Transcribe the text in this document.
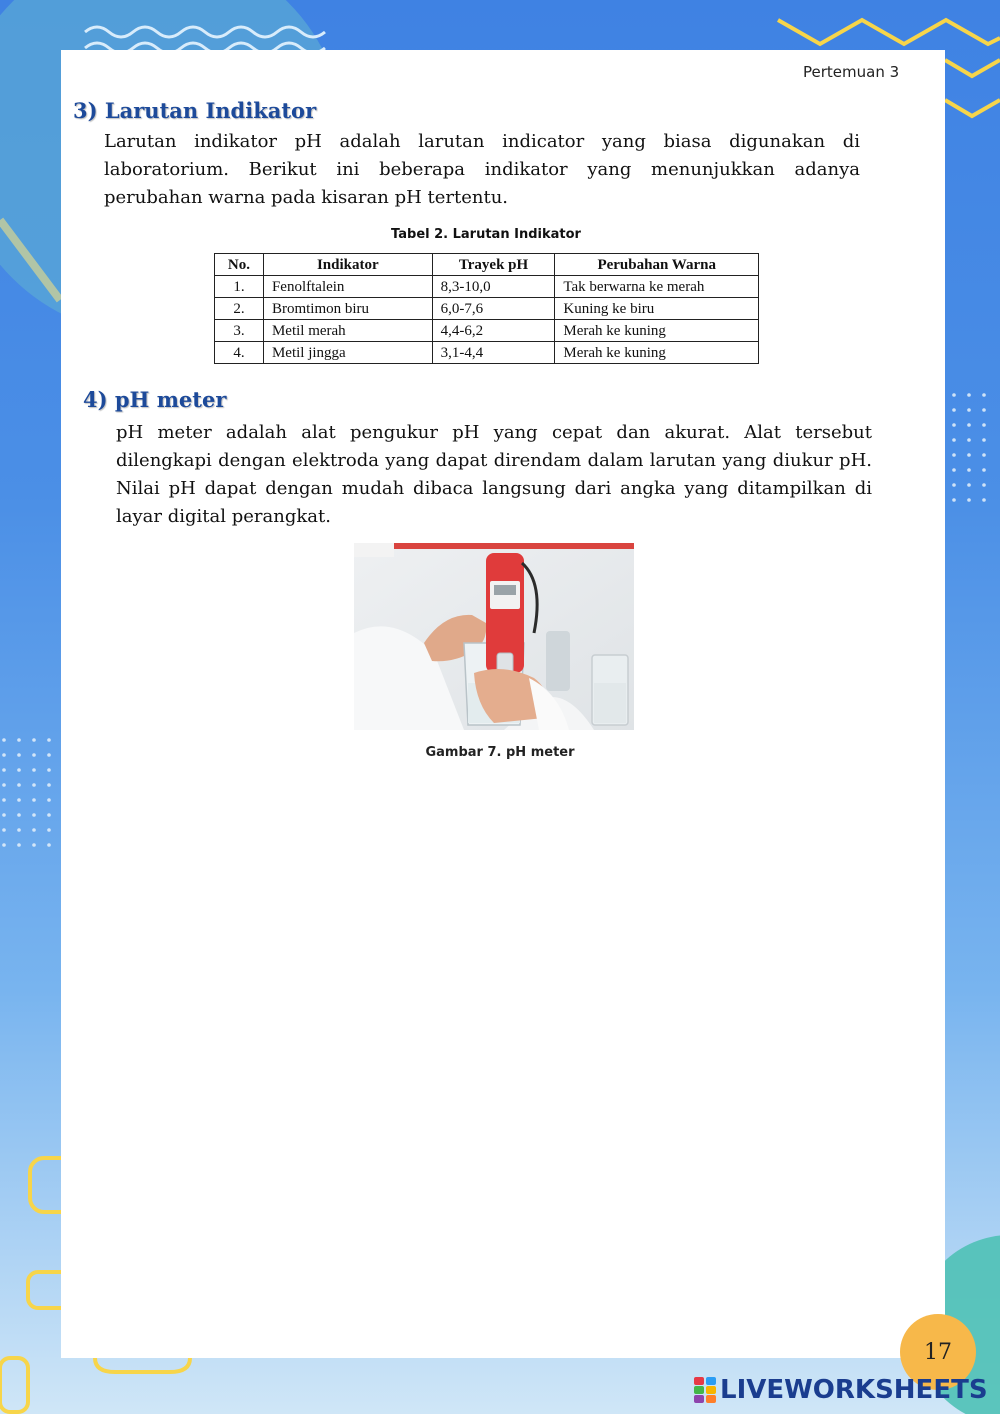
Pertemuan 3
3) Larutan Indikator

Larutan indikator pH adalah larutan indicator yang biasa digunakan di laboratorium. Berikut ini beberapa indikator yang menunjukkan adanya perubahan warna pada kisaran pH tertentu.

Tabel 2. Larutan Indikator
No.	Indikator	Trayek pH	Perubahan Warna
1.	Fenolftalein	8,3-10,0	Tak berwarna ke merah
2.	Bromtimon biru	6,0-7,6	Kuning ke biru
3.	Metil merah	4,4-6,2	Merah ke kuning
4.	Metil jingga	3,1-4,4	Merah ke kuning
4) pH meter

pH meter adalah alat pengukur pH yang cepat dan akurat. Alat tersebut dilengkapi dengan elektroda yang dapat direndam dalam larutan yang diukur pH. Nilai pH dapat dengan mudah dibaca langsung dari angka yang ditampilkan di layar digital perangkat.

Gambar 7. pH meter
17
LIVEWORKSHEETS
